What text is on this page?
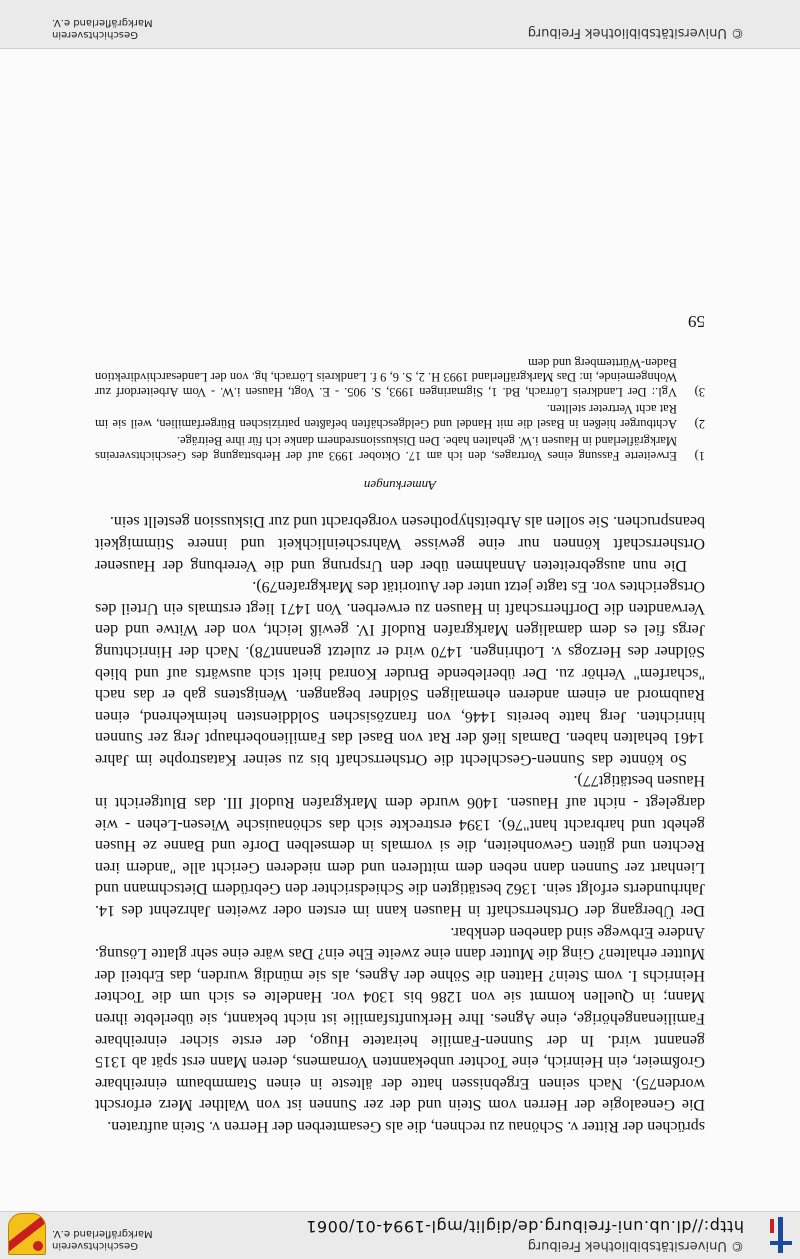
© Universitätsbibliothek Freiburg
http://dl.ub.uni-freiburg.de/diglit/mgl-1994-01/0061
Geschichtsverein
Markgräflerland e.V.
sprüchen der Ritter v. Schönau zu rechnen, die als Gesamterben der Herren v. Stein auftraten.
Die Genealogie der Herren vom Stein und der zer Sunnen ist von Walther Merz erforscht worden75). Nach seinen Ergebnissen hatte der älteste in einen Stammbaum einreihbare Großmeier, ein Heinrich, eine Tochter unbekannten Vornamens, deren Mann erst spät ab 1315 genannt wird. In der Sunnen-Familie heiratete Hugo, der erste sicher einreihbare Familienangehörige, eine Agnes. Ihre Herkunftsfamilie ist nicht bekannt, sie überlebte ihren Mann; in Quellen kommt sie von 1286 bis 1304 vor. Handelte es sich um die Tochter Heinrichs I. vom Stein? Hatten die Söhne der Agnes, als sie mündig wurden, das Erbteil der Mutter erhalten? Ging die Mutter dann eine zweite Ehe ein? Das wäre eine sehr glatte Lösung. Andere Erbwege sind daneben denkbar.
Der Übergang der Ortsherrschaft in Hausen kann im ersten oder zweiten Jahrzehnt des 14. Jahrhunderts erfolgt sein. 1362 bestätigten die Schiedsrichter den Gebrüdern Dietschmann und Lienhart zer Sunnen dann neben dem mittleren und dem niederen Gericht alle "andern iren Rechten und güten Gewonheiten, die si vormals in demselben Dorfe und Banne ze Husen gehebt und harbracht hant"76). 1394 erstreckte sich das schönauische Wiesen-Lehen - wie dargelegt - nicht auf Hausen. 1406 wurde dem Markgrafen Rudolf III. das Blutgericht in Hausen bestätigt77).
So könnte das Sunnen-Geschlecht die Ortsherrschaft bis zu seiner Katastrophe im Jahre 1461 behalten haben. Damals ließ der Rat von Basel das Familienoberhaupt Jerg zer Sunnen hinrichten. Jerg hatte bereits 1446, von französischen Solddiensten heimkehrend, einen Raubmord an einem anderen ehemaligen Söldner begangen. Wenigstens gab er das nach "scharfem" Verhör zu. Der überlebende Bruder Konrad hielt sich auswärts auf und blieb Söldner des Herzogs v. Lothringen. 1470 wird er zuletzt genannt78). Nach der Hinrichtung Jergs fiel es dem damaligen Markgrafen Rudolf IV. gewiß leicht, von der Witwe und den Verwandten die Dorfherrschaft in Hausen zu erwerben. Von 1471 liegt erstmals ein Urteil des Ortsgerichtes vor. Es tagte jetzt unter der Autorität des Markgrafen79).
Die nun ausgebreiteten Annahmen über den Ursprung und die Vererbung der Hausener Ortsherrschaft können nur eine gewisse Wahrscheinlichkeit und innere Stimmigkeit beanspruchen. Sie sollen als Arbeitshypothesen vorgebracht und zur Diskussion gestellt sein.
Anmerkungen
1)
Erweiterte Fassung eines Vortrages, den ich am 17. Oktober 1993 auf der Herbsttagung des Geschichtsvereins Markgräflerland in Hausen i.W. gehalten habe. Den Diskussionsrednern danke ich für ihre Beiträge.
2)
Achtburger hießen in Basel die mit Handel und Geldgeschäften befaßten patrizischen Bürgerfamilien, weil sie im Rat acht Vertreter stellten.
3)
Vgl.: Der Landkreis Lörrach, Bd. 1, Sigmaringen 1993, S. 905. - E. Vogt, Hausen i.W. - Vom Arbeiterdorf zur Wohngemeinde, in: Das Markgräflerland 1993 H. 2, S. 6, 9 f. Landkreis Lörrach, hg. von der Landesarchivdirektion Baden-Württemberg und dem
59
© Universitätsbibliothek Freiburg
Geschichtsverein
Markgräflerland e.V.
